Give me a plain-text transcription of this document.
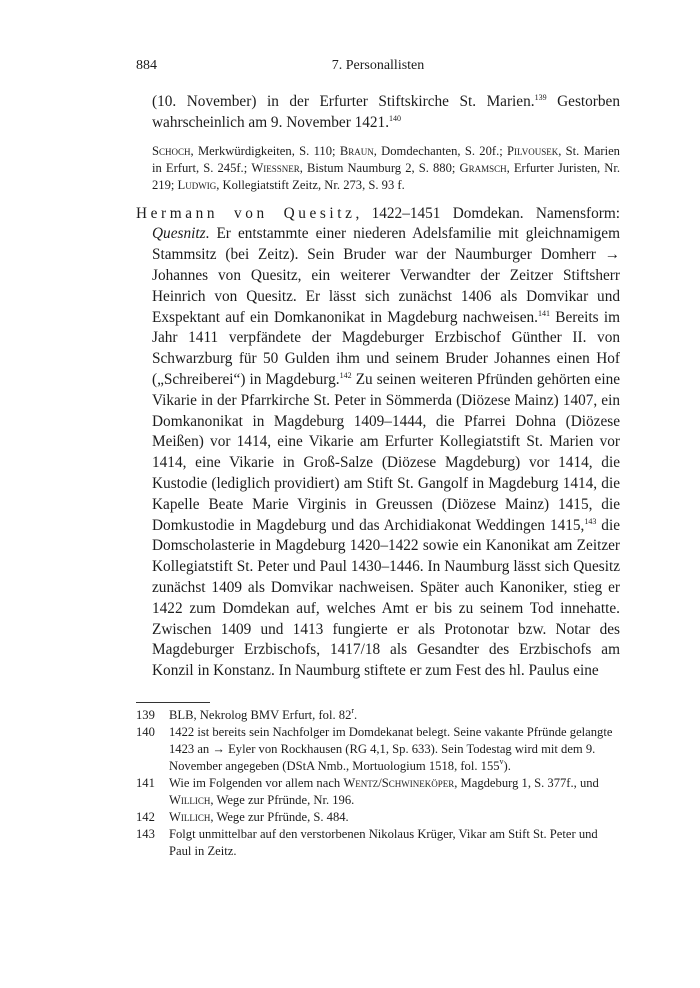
884	7. Personallisten

(10. November) in der Erfurter Stiftskirche St. Marien.$^{139}$ Gestorben wahrscheinlich am 9. November 1421.$^{140}$

Schoch, Merkwürdigkeiten, S. 110; Braun, Domdechanten, S. 20f.; Pilvousek, St. Marien in Erfurt, S. 245f.; Wiessner, Bistum Naumburg 2, S. 880; Gramsch, Erfurter Juristen, Nr. 219; Ludwig, Kollegiatstift Zeitz, Nr. 273, S. 93 f.

Hermann von Quesitz, 1422–1451 Domdekan. Namensform: Quesnitz. Er entstammte einer niederen Adelsfamilie mit gleichnamigem Stammsitz (bei Zeitz). Sein Bruder war der Naumburger Domherr → Johannes von Quesitz, ein weiterer Verwandter der Zeitzer Stiftsherr Heinrich von Quesitz. Er lässt sich zunächst 1406 als Domvikar und Exspektant auf ein Domkanonikat in Magdeburg nachweisen.$^{141}$ Bereits im Jahr 1411 verpfändete der Magdeburger Erzbischof Günther II. von Schwarzburg für 50 Gulden ihm und seinem Bruder Johannes einen Hof („Schreiberei“) in Magdeburg.$^{142}$ Zu seinen weiteren Pfründen gehörten eine Vikarie in der Pfarrkirche St. Peter in Sömmerda (Diözese Mainz) 1407, ein Domkanonikat in Magdeburg 1409–1444, die Pfarrei Dohna (Diözese Meißen) vor 1414, eine Vikarie am Erfurter Kollegiatstift St. Marien vor 1414, eine Vikarie in Groß-Salze (Diözese Magdeburg) vor 1414, die Kustodie (lediglich providiert) am Stift St. Gangolf in Magdeburg 1414, die Kapelle Beate Marie Virginis in Greussen (Diözese Mainz) 1415, die Domkustodie in Magdeburg und das Archidiakonat Weddingen 1415,$^{143}$ die Domscholasterie in Magdeburg 1420–1422 sowie ein Kanonikat am Zeitzer Kollegiatstift St. Peter und Paul 1430–1446. In Naumburg lässt sich Quesitz zunächst 1409 als Domvikar nachweisen. Später auch Kanoniker, stieg er 1422 zum Domdekan auf, welches Amt er bis zu seinem Tod innehatte. Zwischen 1409 und 1413 fungierte er als Protonotar bzw. Notar des Magdeburger Erzbischofs, 1417/18 als Gesandter des Erzbischofs am Konzil in Konstanz. In Naumburg stiftete er zum Fest des hl. Paulus eine

139	BLB, Nekrolog BMV Erfurt, fol. 82$^r$.
140	1422 ist bereits sein Nachfolger im Domdekanat belegt. Seine vakante Pfründe gelangte 1423 an → Eyler von Rockhausen (RG 4,1, Sp. 633). Sein Todestag wird mit dem 9. November angegeben (DStA Nmb., Mortuologium 1518, fol. 155$^v$).
141	Wie im Folgenden vor allem nach Wentz/Schwineköper, Magdeburg 1, S. 377f., und Willich, Wege zur Pfründe, Nr. 196.
142	Willich, Wege zur Pfründe, S. 484.
143	Folgt unmittelbar auf den verstorbenen Nikolaus Krüger, Vikar am Stift St. Peter und Paul in Zeitz.
